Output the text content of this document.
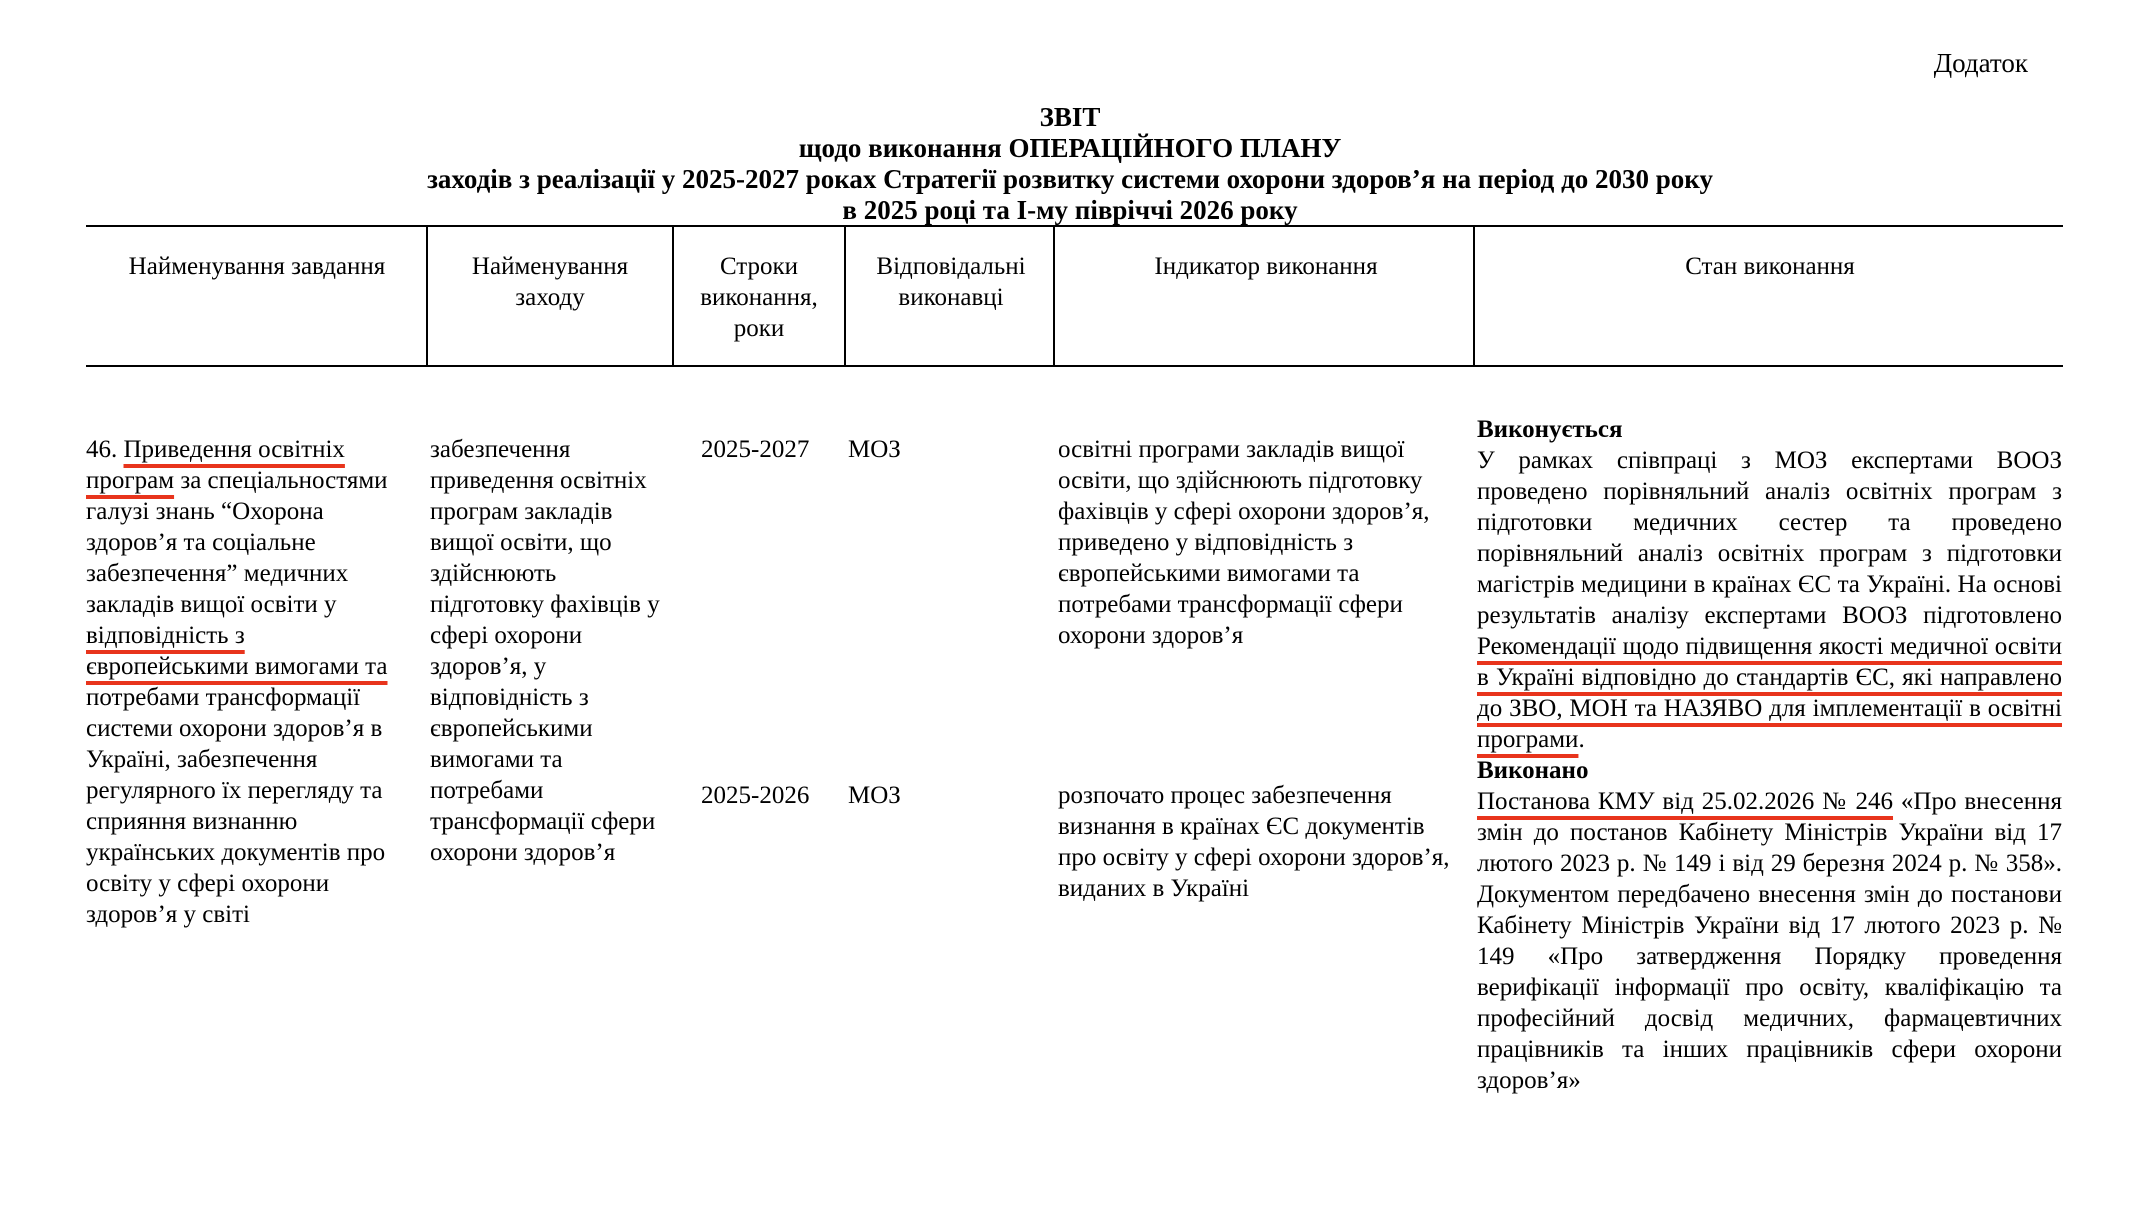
Додаток
ЗВІТ
щодо виконання ОПЕРАЦІЙНОГО ПЛАНУ
заходів з реалізації у 2025-2027 роках Стратегії розвитку системи охорони здоров’я на період до 2030 року
в 2025 році та І-му півріччі 2026 року
Найменування завдання	Найменування заходу
Строки виконання, роки
Відповідальні виконавці
Індикатор виконання	Стан виконання
46. Приведення освітніх програм за спеціальностями галузі знань “Охорона здоров’я та соціальне забезпечення” медичних закладів вищої освіти у відповідність з європейськими вимогами та потребами трансформації системи охорони здоров’я в Україні, забезпечення регулярного їх перегляду та сприяння визнанню українських документів про освіту у сфері охорони здоров’я у світі
забезпечення приведення освітніх програм закладів вищої освіти, що здійснюють підготовку фахівців у сфері охорони здоров’я, у відповідність з європейськими вимогами та потребами трансформації сфери охорони здоров’я
2025-2027
2025-2026
МОЗ
МОЗ
освітні програми закладів вищої освіти, що здійснюють підготовку фахівців у сфері охорони здоров’я, приведено у відповідність з європейськими вимогами та потребами трансформації сфери охорони здоров’я
розпочато процес забезпечення визнання в країнах ЄС документів про освіту у сфері охорони здоров’я, виданих в Україні
Виконується
У рамках співпраці з МОЗ експертами ВООЗ проведено порівняльний аналіз освітніх програм з підготовки медичних сестер та проведено порівняльний аналіз освітніх програм з підготовки магістрів медицини в країнах ЄС та Україні. На основі результатів аналізу експертами ВООЗ підготовлено Рекомендації щодо підвищення якості медичної освіти в Україні відповідно до стандартів ЄС, які направлено до ЗВО, МОН та НАЗЯВО для імплементації в освітні програми.
Виконано
Постанова КМУ від 25.02.2026 № 246 «Про внесення змін до постанов Кабінету Міністрів України від 17 лютого 2023 р. № 149 і від 29 березня 2024 р. № 358». Документом передбачено внесення змін до постанови Кабінету Міністрів України від 17 лютого 2023 р. № 149 «Про затвердження Порядку проведення верифікації інформації про освіту, кваліфікацію та професійний досвід медичних, фармацевтичних працівників та інших працівників сфери охорони здоров’я»
